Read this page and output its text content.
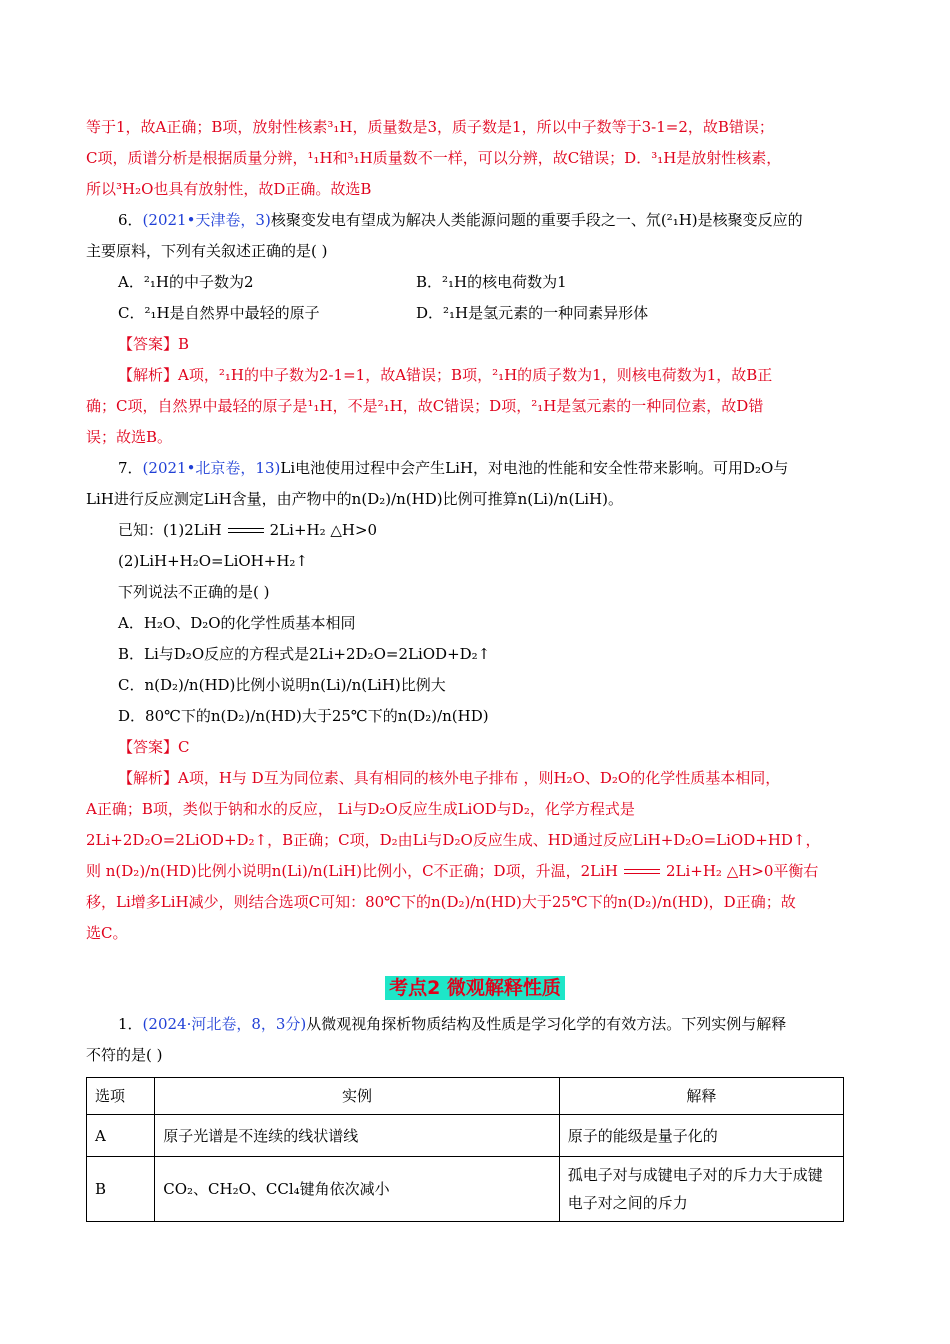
等于1，故A正确；B项，放射性核素³₁H，质量数是3，质子数是1，所以中子数等于3-1=2，故B错误；

C项，质谱分析是根据质量分辨，¹₁H和³₁H质量数不一样，可以分辨，故C错误；D．³₁H是放射性核素，

所以³H₂O也具有放射性，故D正确。故选B

6．(2021•天津卷，3)核聚变发电有望成为解决人类能源问题的重要手段之一、氘(²₁H)是核聚变反应的

主要原料，下列有关叙述正确的是( )

A．²₁H的中子数为2	B．²₁H的核电荷数为1
C．²₁H是自然界中最轻的原子	D．²₁H是氢元素的一种同素异形体

【答案】B

【解析】A项，²₁H的中子数为2-1=1，故A错误；B项，²₁H的质子数为1，则核电荷数为1，故B正

确；C项，自然界中最轻的原子是¹₁H，不是²₁H，故C错误；D项，²₁H是氢元素的一种同位素，故D错

误；故选B。

7．(2021•北京卷，13)Li电池使用过程中会产生LiH，对电池的性能和安全性带来影响。可用D₂O与

LiH进行反应测定LiH含量，由产物中的n(D₂)/n(HD)比例可推算n(Li)/n(LiH)。

已知：(1)2LiH	2Li+H₂ △H>0

(2)LiH+H₂O=LiOH+H₂↑

下列说法不正确的是( )

A．H₂O、D₂O的化学性质基本相同

B．Li与D₂O反应的方程式是2Li+2D₂O=2LiOD+D₂↑

C．n(D₂)/n(HD)比例小说明n(Li)/n(LiH)比例大

D．80℃下的n(D₂)/n(HD)大于25℃下的n(D₂)/n(HD)

【答案】C

【解析】A项，H与 D互为同位素、具有相同的核外电子排布 ，则H₂O、D₂O的化学性质基本相同，

A正确；B项，类似于钠和水的反应， Li与D₂O反应生成LiOD与D₂，化学方程式是

2Li+2D₂O=2LiOD+D₂↑，B正确；C项，D₂由Li与D₂O反应生成、HD通过反应LiH+D₂O=LiOD+HD↑，

则 n(D₂)/n(HD)比例小说明n(Li)/n(LiH)比例小，C不正确；D项，升温，2LiH	2Li+H₂ △H>0平衡右

移，Li增多LiH减少，则结合选项C可知：80℃下的n(D₂)/n(HD)大于25℃下的n(D₂)/n(HD)，D正确；故

选C。

考点2 微观解释性质

1．(2024·河北卷，8，3分)从微观视角探析物质结构及性质是学习化学的有效方法。下列实例与解释

不符的是( )

选项	实例	解释
A	原子光谱是不连续的线状谱线	原子的能级是量子化的
B	CO₂、CH₂O、CCl₄键角依次减小	孤电子对与成键电子对的斥力大于成键电子对之间的斥力
